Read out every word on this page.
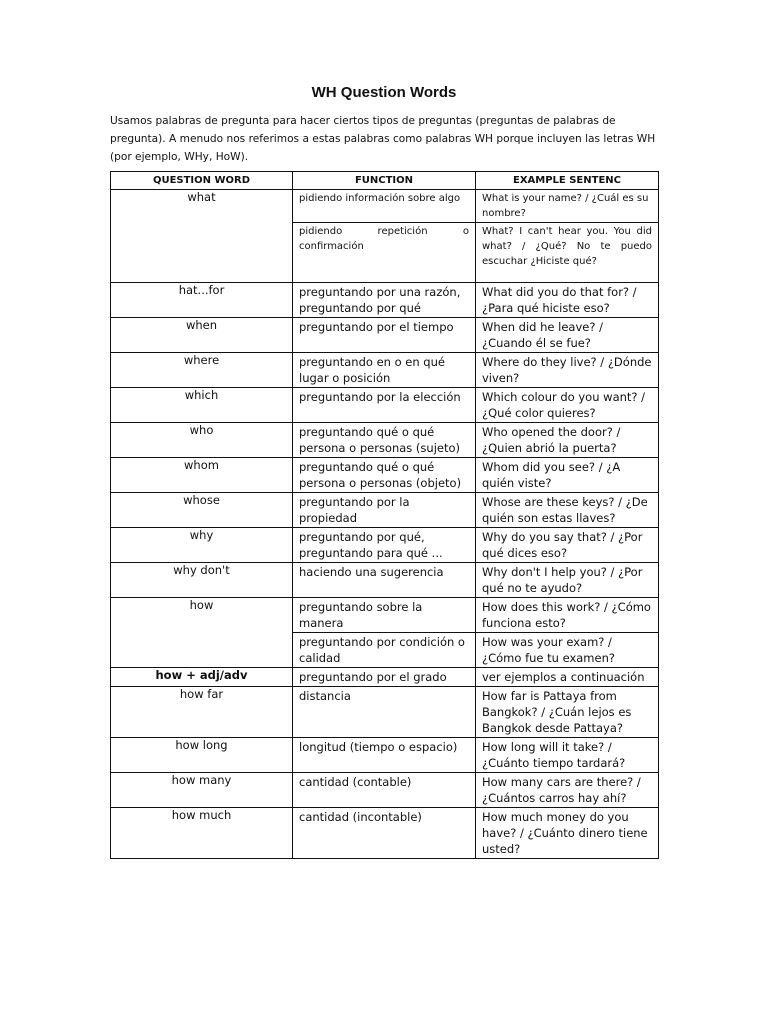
WH Question Words
Usamos palabras de pregunta para hacer ciertos tipos de preguntas (preguntas de palabras de pregunta). A menudo nos referimos a estas palabras como palabras WH porque incluyen las letras WH (por ejemplo, WHy, HoW).
QUESTION WORD	FUNCTION	EXAMPLE SENTENC
what	pidiendo información sobre algo	What is your name? / ¿Cuál es su nombre?
	pidiendo repetición o confirmación	What? I can't hear you. You did what? / ¿Qué? No te puedo escuchar ¿Hiciste qué?
hat...for	preguntando por una razón, preguntando por qué	What did you do that for? / ¿Para qué hiciste eso?
when	preguntando por el tiempo	When did he leave? / ¿Cuando él se fue?
where	preguntando en o en qué lugar o posición	Where do they live? / ¿Dónde viven?
which	preguntando por la elección	Which colour do you want? / ¿Qué color quieres?
who	preguntando qué o qué persona o personas (sujeto)	Who opened the door? / ¿Quien abrió la puerta?
whom	preguntando qué o qué persona o personas (objeto)	Whom did you see? / ¿A quién viste?
whose	preguntando por la propiedad	Whose are these keys? / ¿De quién son estas llaves?
why	preguntando por qué, preguntando para qué ...	Why do you say that? / ¿Por qué dices eso?
why don't	haciendo una sugerencia	Why don't I help you? / ¿Por qué no te ayudo?
how	preguntando sobre la manera	How does this work? / ¿Cómo funciona esto?
	preguntando por condición o calidad	How was your exam? / ¿Cómo fue tu examen?
how + adj/adv	preguntando por el grado	ver ejemplos a continuación
how far	distancia	How far is Pattaya from Bangkok? / ¿Cuán lejos es Bangkok desde Pattaya?
how long	longitud (tiempo o espacio)	How long will it take? / ¿Cuánto tiempo tardará?
how many	cantidad (contable)	How many cars are there? / ¿Cuántos carros hay ahí?
how much	cantidad (incontable)	How much money do you have? / ¿Cuánto dinero tiene usted?
